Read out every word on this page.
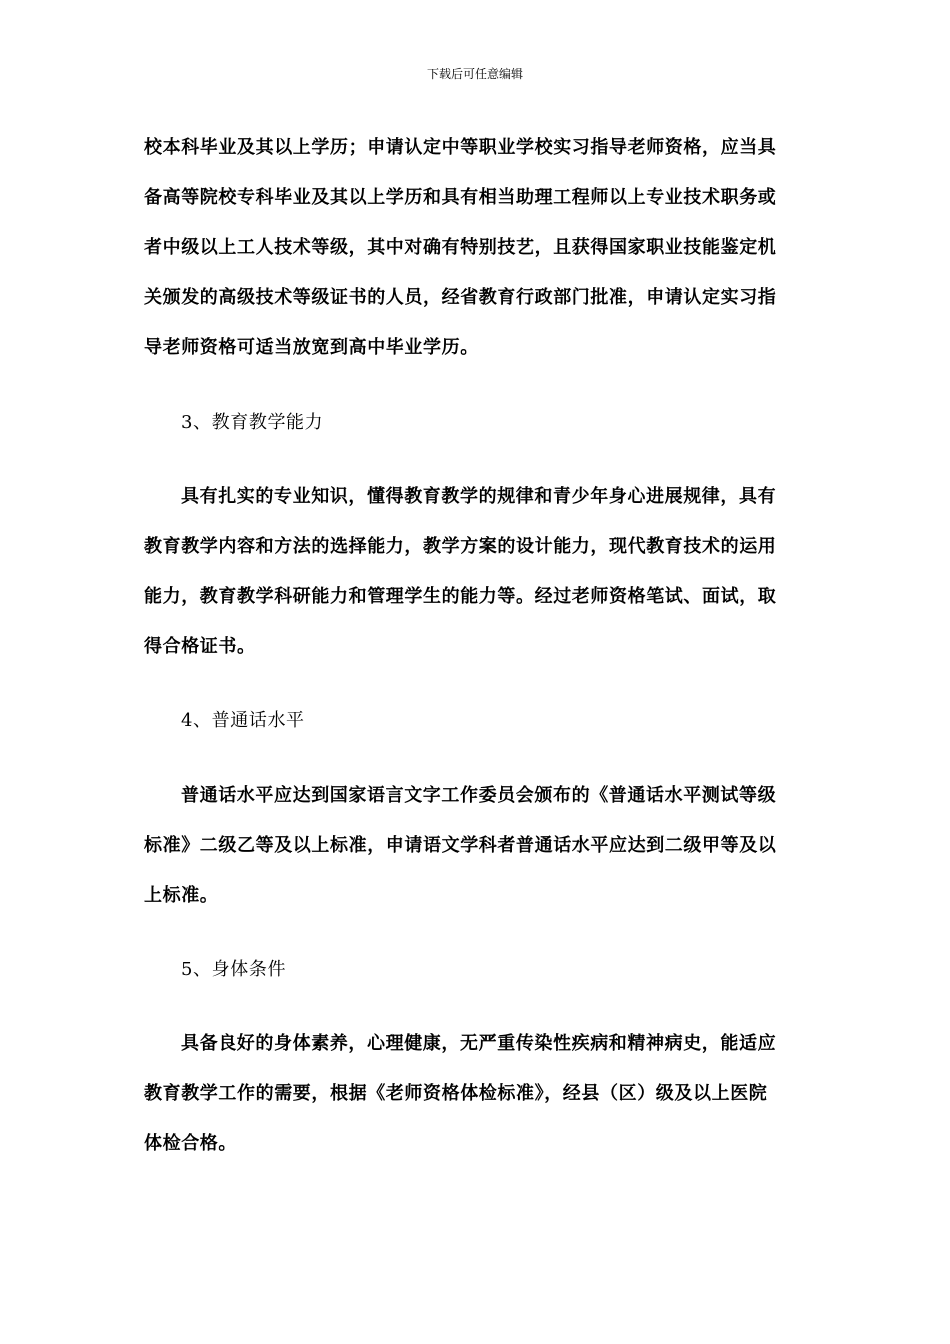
下载后可任意编辑
校本科毕业及其以上学历；申请认定中等职业学校实习指导老师资格，应当具
备高等院校专科毕业及其以上学历和具有相当助理工程师以上专业技术职务或
者中级以上工人技术等级，其中对确有特别技艺，且获得国家职业技能鉴定机
关颁发的高级技术等级证书的人员，经省教育行政部门批准，申请认定实习指
导老师资格可适当放宽到高中毕业学历。
3、教育教学能力
具有扎实的专业知识，懂得教育教学的规律和青少年身心进展规律，具有
教育教学内容和方法的选择能力，教学方案的设计能力，现代教育技术的运用
能力，教育教学科研能力和管理学生的能力等。经过老师资格笔试、面试，取
得合格证书。
4、普通话水平
普通话水平应达到国家语言文字工作委员会颁布的《普通话水平测试等级
标准》二级乙等及以上标准，申请语文学科者普通话水平应达到二级甲等及以
上标准。
5、身体条件
具备良好的身体素养，心理健康，无严重传染性疾病和精神病史，能适应
教育教学工作的需要，根据《老师资格体检标准》，经县（区）级及以上医院
体检合格。
